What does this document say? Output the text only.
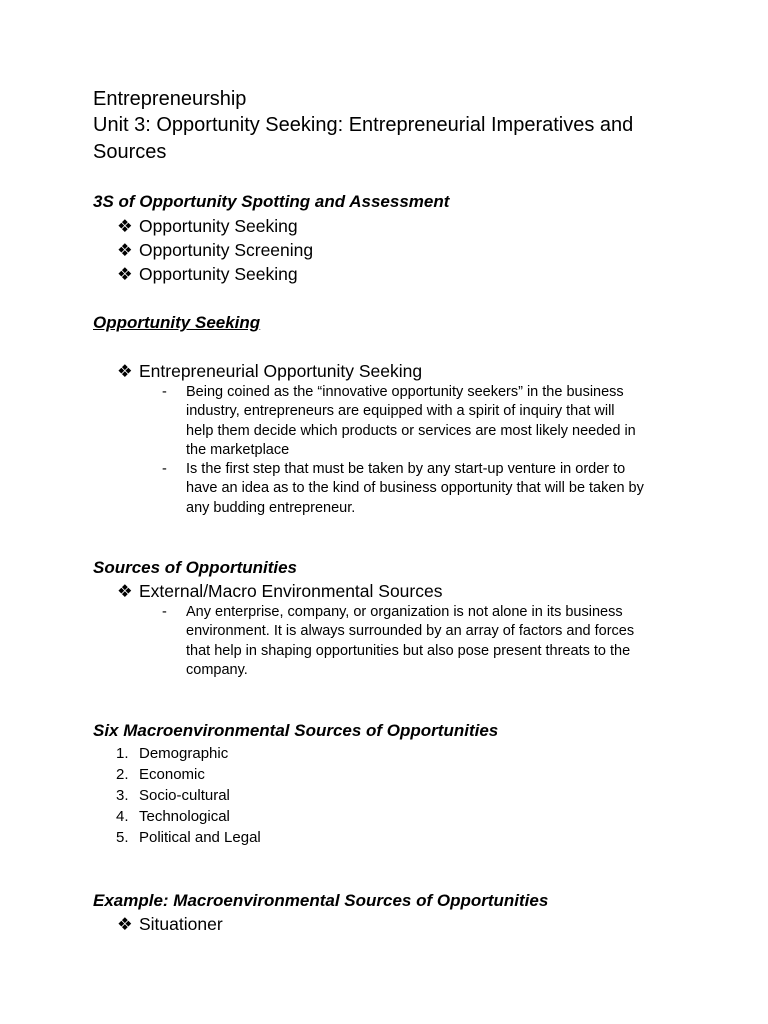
Entrepreneurship

Unit 3: Opportunity Seeking: Entrepreneurial Imperatives and

Sources

3S of Opportunity Spotting and Assessment

❖ Opportunity Seeking

❖ Opportunity Screening

❖ Opportunity Seeking

Opportunity Seeking

❖ Entrepreneurial Opportunity Seeking

- Being coined as the “innovative opportunity seekers” in the business

industry, entrepreneurs are equipped with a spirit of inquiry that will

help them decide which products or services are most likely needed in

the marketplace

- Is the first step that must be taken by any start-up venture in order to

have an idea as to the kind of business opportunity that will be taken by

any budding entrepreneur.

Sources of Opportunities

❖ External/Macro Environmental Sources

- Any enterprise, company, or organization is not alone in its business

environment. It is always surrounded by an array of factors and forces

that help in shaping opportunities but also pose present threats to the

company.

Six Macroenvironmental Sources of Opportunities

1. Demographic

2. Economic

3. Socio-cultural

4. Technological

5. Political and Legal

Example: Macroenvironmental Sources of Opportunities

❖ Situationer
